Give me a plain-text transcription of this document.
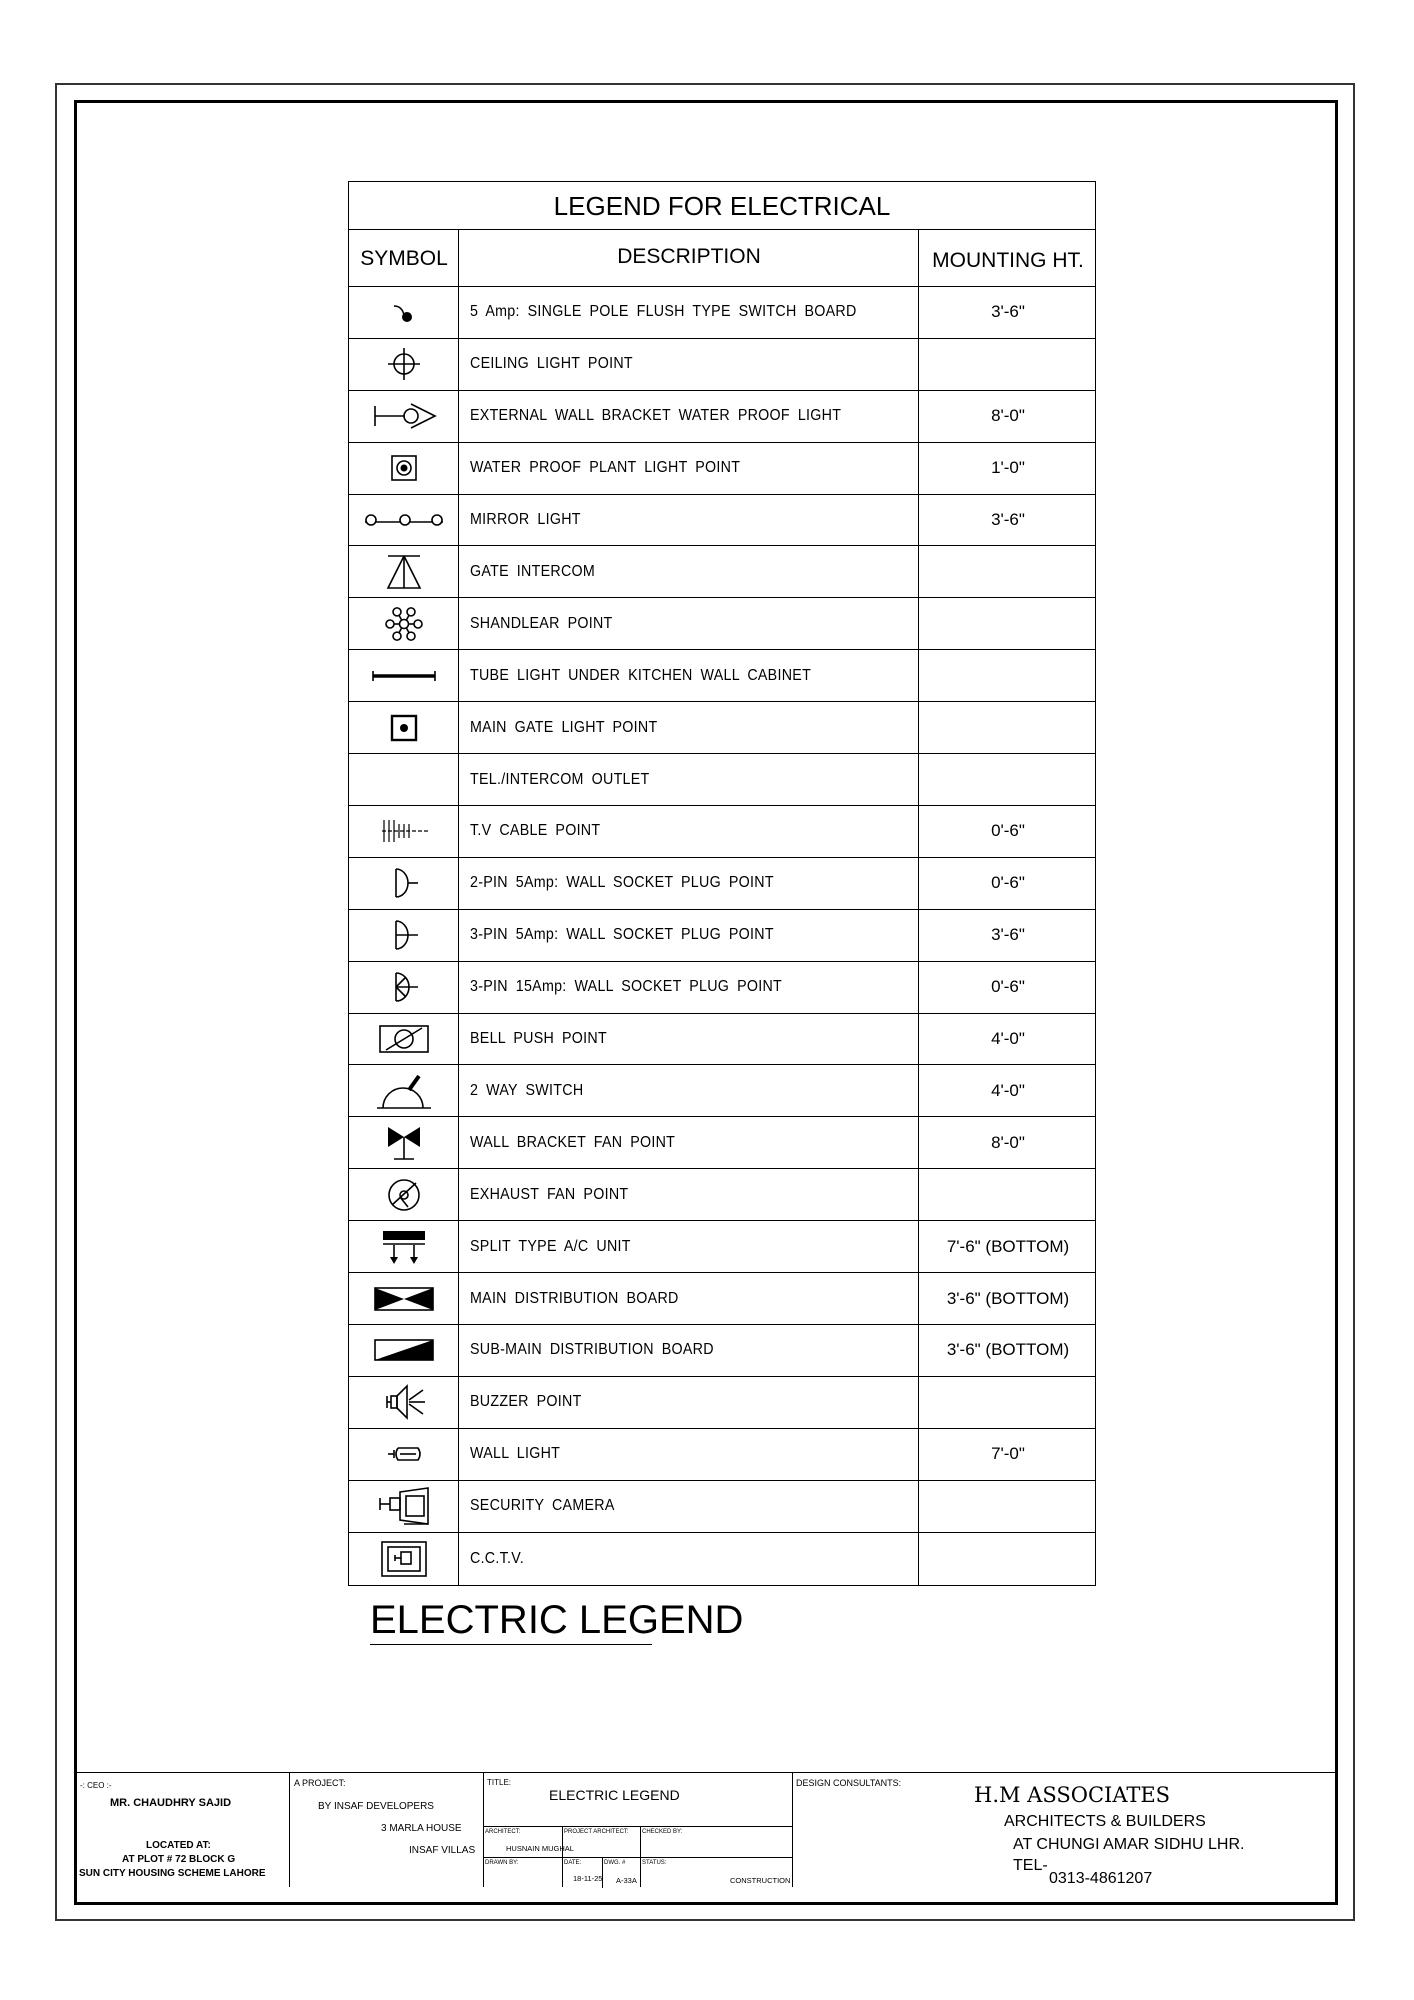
LEGEND FOR ELECTRICAL
SYMBOL	DESCRIPTION	MOUNTING HT.
5 Amp: SINGLE POLE FLUSH TYPE SWITCH BOARD	3'-6"
CEILING LIGHT POINT
EXTERNAL WALL BRACKET WATER PROOF LIGHT	8'-0"
WATER PROOF PLANT LIGHT POINT	1'-0"
MIRROR LIGHT	3'-6"
GATE INTERCOM
SHANDLEAR POINT
TUBE LIGHT UNDER KITCHEN WALL CABINET
MAIN GATE LIGHT POINT
TEL./INTERCOM OUTLET
T.V CABLE POINT	0'-6"
2-PIN 5Amp: WALL SOCKET PLUG POINT	0'-6"
3-PIN 5Amp: WALL SOCKET PLUG POINT	3'-6"
3-PIN 15Amp: WALL SOCKET PLUG POINT	0'-6"
BELL PUSH POINT	4'-0"
2 WAY SWITCH	4'-0"
WALL BRACKET FAN POINT	8'-0"
EXHAUST FAN POINT
SPLIT TYPE A/C UNIT	7'-6" (BOTTOM)
MAIN DISTRIBUTION BOARD	3'-6" (BOTTOM)
SUB-MAIN DISTRIBUTION BOARD	3'-6" (BOTTOM)
BUZZER POINT
WALL LIGHT	7'-0"
SECURITY CAMERA
C.C.T.V.
ELECTRIC LEGEND
-: CEO :-
MR. CHAUDHRY SAJID
LOCATED AT:
AT PLOT # 72 BLOCK G
SUN CITY HOUSING SCHEME LAHORE
A PROJECT:
BY INSAF DEVELOPERS
3 MARLA HOUSE
INSAF VILLAS
TITLE:
ELECTRIC LEGEND
ARCHITECT:	PROJECT ARCHITECT: CHECKED BY:
HUSNAIN MUGHAL
DRAWN BY:	DATE:
18-11-25
DWG. #
A-33A
STATUS:
CONSTRUCTION
DESIGN CONSULTANTS:	H.M ASSOCIATES
ARCHITECTS & BUILDERS
AT CHUNGI AMAR SIDHU LHR.
TEL-
0313-4861207
